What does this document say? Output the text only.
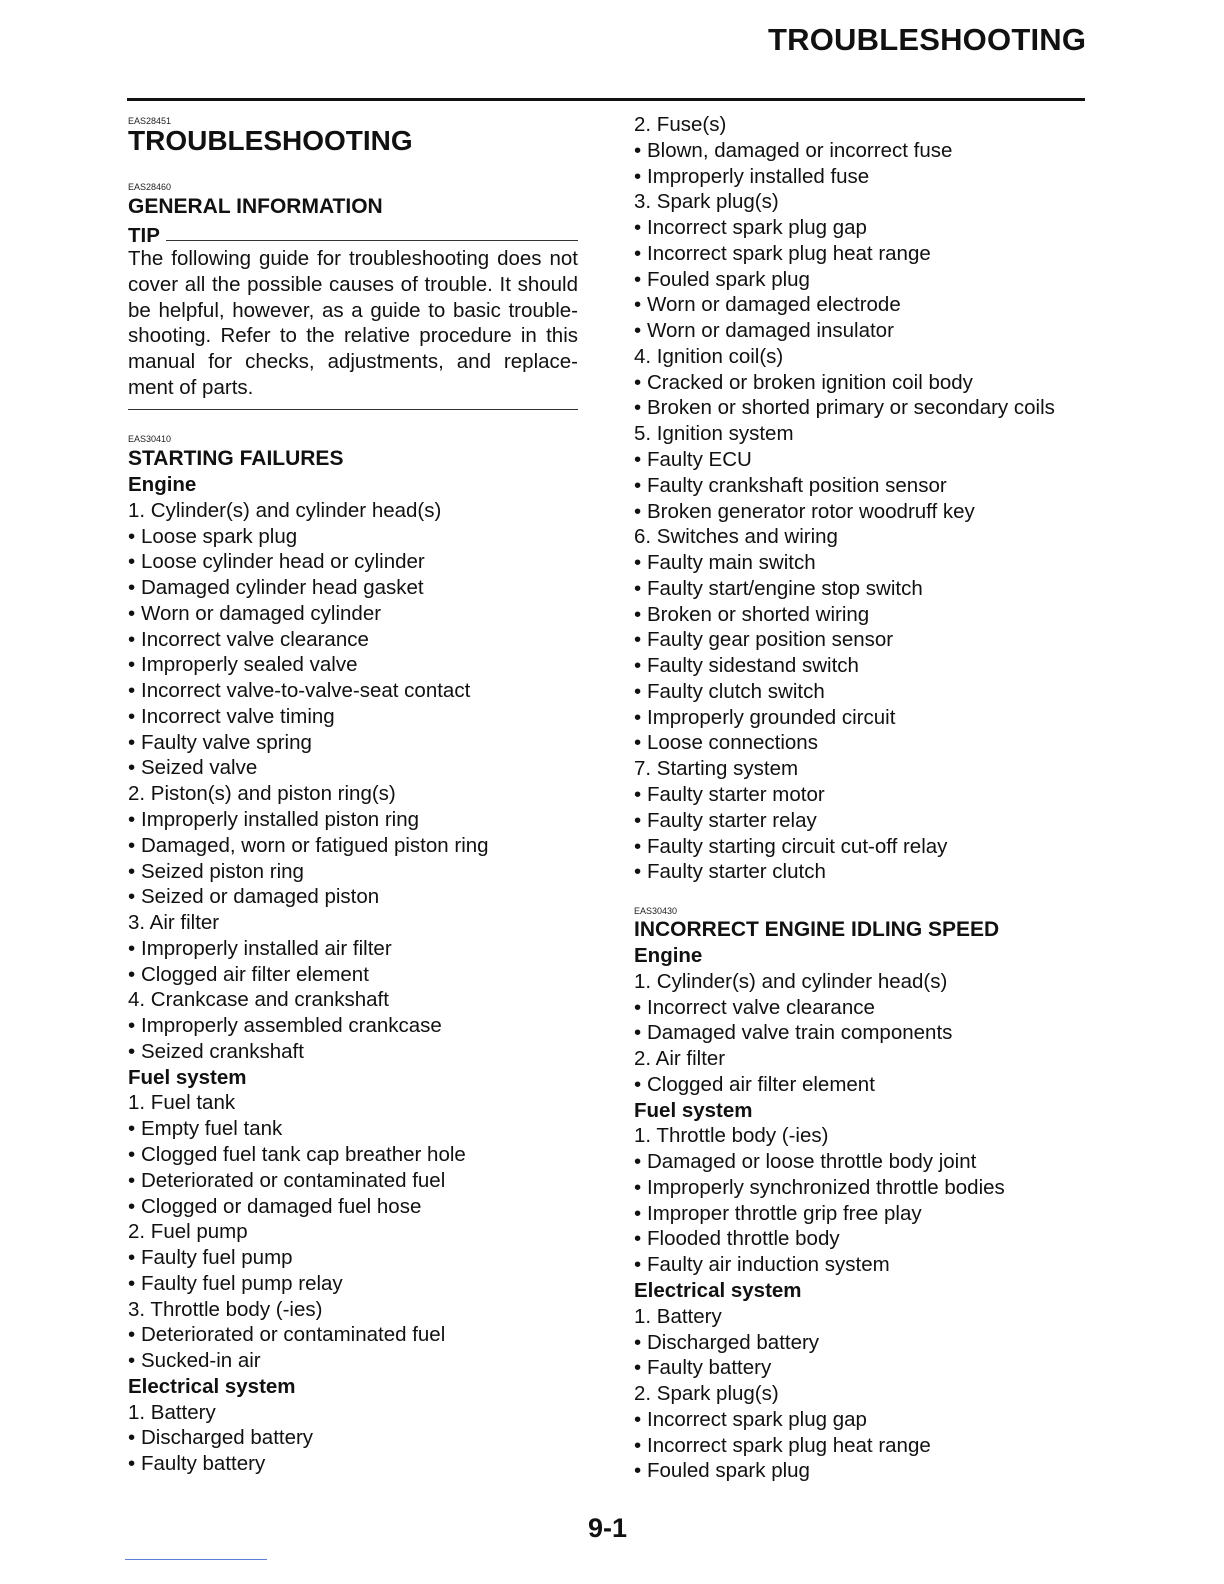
TROUBLESHOOTING
EAS28451
TROUBLESHOOTING
EAS28460
GENERAL INFORMATION
TIP
The following guide for troubleshooting does not
cover all the possible causes of trouble. It should
be helpful, however, as a guide to basic trouble-
shooting. Refer to the relative procedure in this
manual for checks, adjustments, and replace-
ment of parts.
EAS30410
STARTING FAILURES
Engine
1. Cylinder(s) and cylinder head(s)
• Loose spark plug
• Loose cylinder head or cylinder
• Damaged cylinder head gasket
• Worn or damaged cylinder
• Incorrect valve clearance
• Improperly sealed valve
• Incorrect valve-to-valve-seat contact
• Incorrect valve timing
• Faulty valve spring
• Seized valve
2. Piston(s) and piston ring(s)
• Improperly installed piston ring
• Damaged, worn or fatigued piston ring
• Seized piston ring
• Seized or damaged piston
3. Air filter
• Improperly installed air filter
• Clogged air filter element
4. Crankcase and crankshaft
• Improperly assembled crankcase
• Seized crankshaft
Fuel system
1. Fuel tank
• Empty fuel tank
• Clogged fuel tank cap breather hole
• Deteriorated or contaminated fuel
• Clogged or damaged fuel hose
2. Fuel pump
• Faulty fuel pump
• Faulty fuel pump relay
3. Throttle body (-ies)
• Deteriorated or contaminated fuel
• Sucked-in air
Electrical system
1. Battery
• Discharged battery
• Faulty battery
2. Fuse(s)
• Blown, damaged or incorrect fuse
• Improperly installed fuse
3. Spark plug(s)
• Incorrect spark plug gap
• Incorrect spark plug heat range
• Fouled spark plug
• Worn or damaged electrode
• Worn or damaged insulator
4. Ignition coil(s)
• Cracked or broken ignition coil body
• Broken or shorted primary or secondary coils
5. Ignition system
• Faulty ECU
• Faulty crankshaft position sensor
• Broken generator rotor woodruff key
6. Switches and wiring
• Faulty main switch
• Faulty start/engine stop switch
• Broken or shorted wiring
• Faulty gear position sensor
• Faulty sidestand switch
• Faulty clutch switch
• Improperly grounded circuit
• Loose connections
7. Starting system
• Faulty starter motor
• Faulty starter relay
• Faulty starting circuit cut-off relay
• Faulty starter clutch
EAS30430
INCORRECT ENGINE IDLING SPEED
Engine
1. Cylinder(s) and cylinder head(s)
• Incorrect valve clearance
• Damaged valve train components
2. Air filter
• Clogged air filter element
Fuel system
1. Throttle body (-ies)
• Damaged or loose throttle body joint
• Improperly synchronized throttle bodies
• Improper throttle grip free play
• Flooded throttle body
• Faulty air induction system
Electrical system
1. Battery
• Discharged battery
• Faulty battery
2. Spark plug(s)
• Incorrect spark plug gap
• Incorrect spark plug heat range
• Fouled spark plug
9-1
